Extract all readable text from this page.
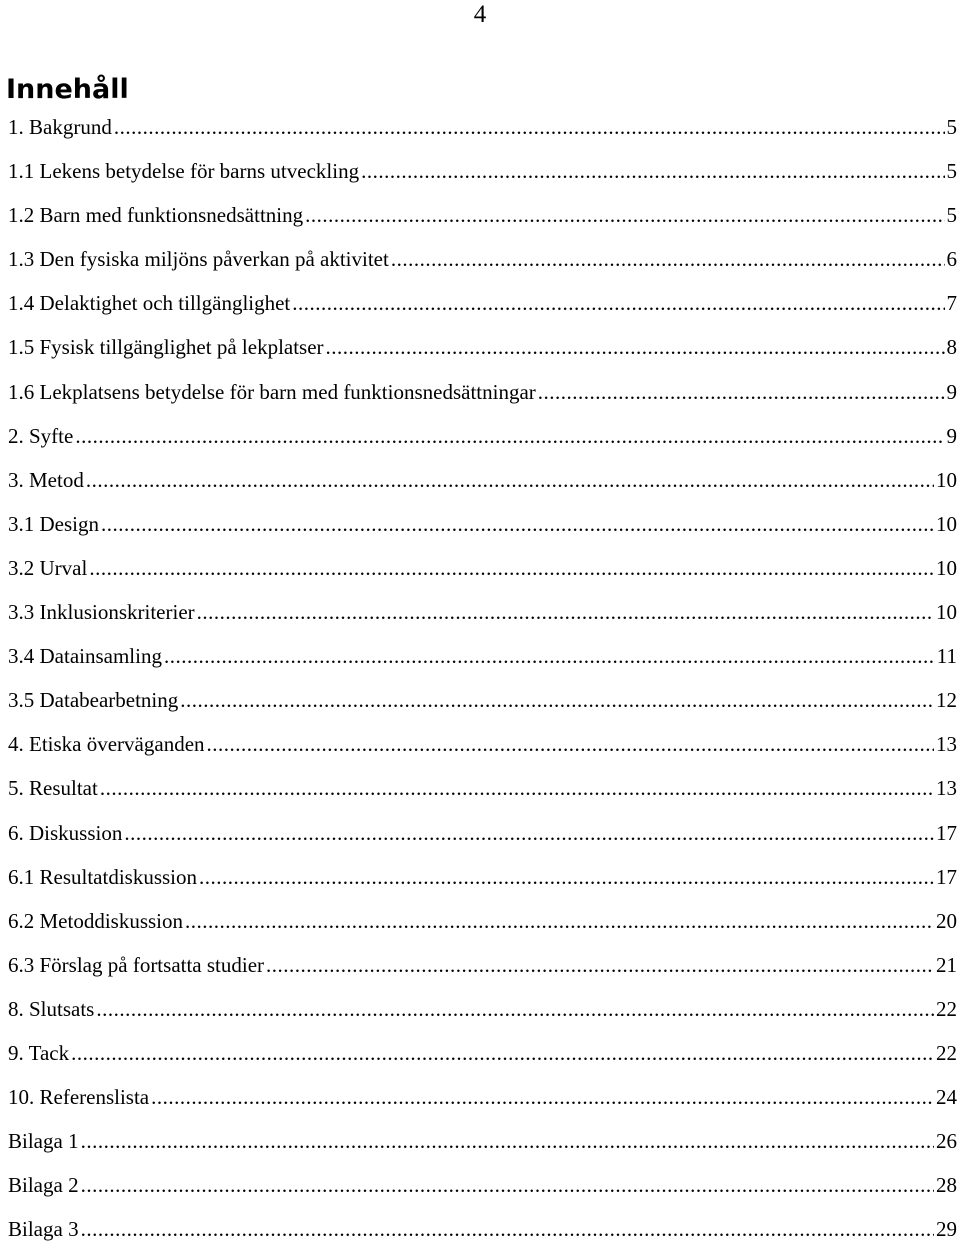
4
Innehåll
1. Bakgrund .....	5
1.1 Lekens betydelse för barns utveckling .....	5
1.2 Barn med funktionsnedsättning .....	5
1.3 Den fysiska miljöns påverkan på aktivitet .....	6
1.4 Delaktighet och tillgänglighet .....	7
1.5 Fysisk tillgänglighet på lekplatser .....	8
1.6 Lekplatsens betydelse för barn med funktionsnedsättningar .....	9
2. Syfte .....	9
3. Metod .....	10
3.1 Design .....	10
3.2 Urval .....	10
3.3 Inklusionskriterier .....	10
3.4 Datainsamling .....	11
3.5 Databearbetning .....	12
4. Etiska överväganden .....	13
5. Resultat .....	13
6. Diskussion .....	17
6.1 Resultatdiskussion .....	17
6.2 Metoddiskussion .....	20
6.3 Förslag på fortsatta studier .....	21
8. Slutsats .....	22
9. Tack .....	22
10. Referenslista .....	24
Bilaga 1 .....	26
Bilaga 2 .....	28
Bilaga 3 .....	29
